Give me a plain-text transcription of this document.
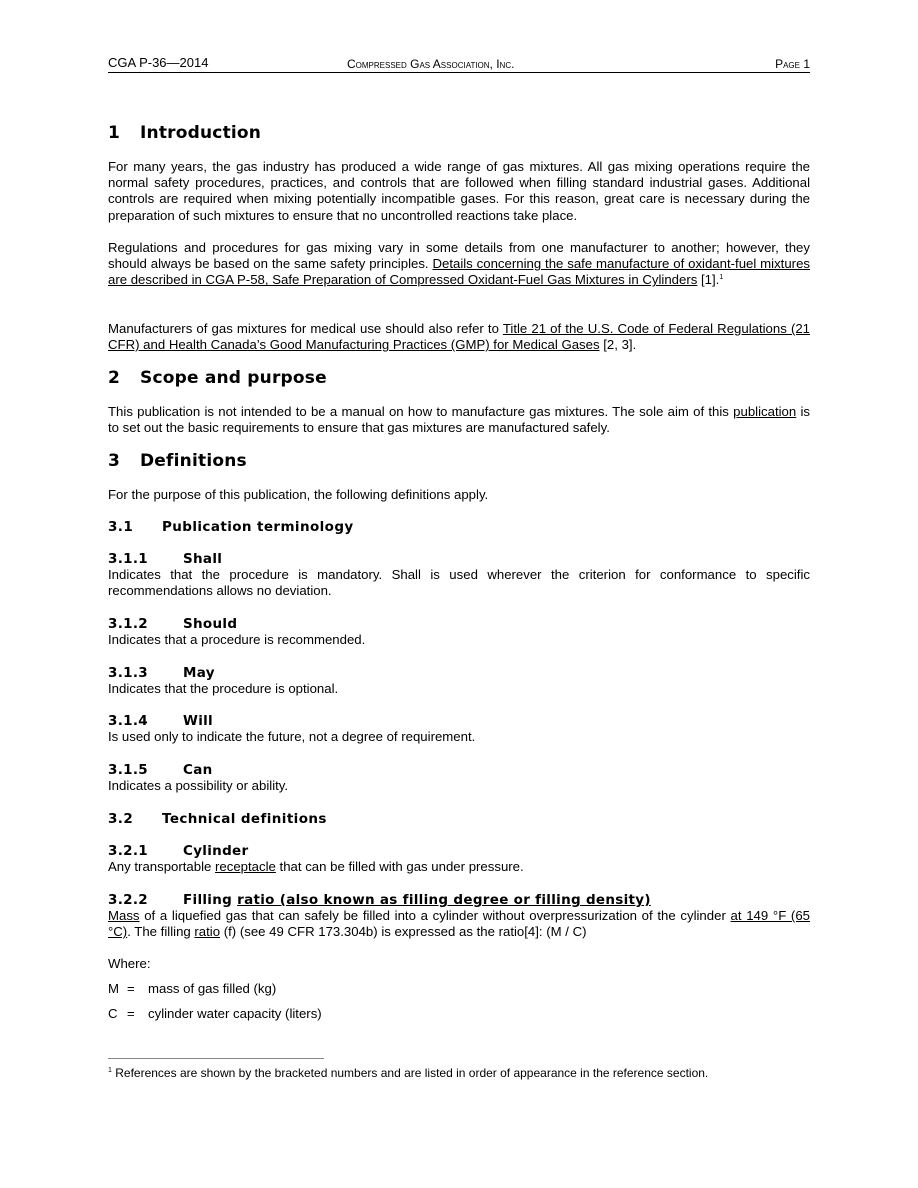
CGA P-36—2014	Compressed Gas Association, Inc.	Page 1
1 Introduction

For many years, the gas industry has produced a wide range of gas mixtures. All gas mixing operations require the normal safety procedures, practices, and controls that are followed when filling standard industrial gases. Additional controls are required when mixing potentially incompatible gases. For this reason, great care is necessary during the preparation of such mixtures to ensure that no uncontrolled reactions take place.

Regulations and procedures for gas mixing vary in some details from one manufacturer to another; however, they should always be based on the same safety principles. Details concerning the safe manufacture of oxidant-fuel mixtures are described in CGA P-58, Safe Preparation of Compressed Oxidant-Fuel Gas Mixtures in Cylinders [1].$^1$

Manufacturers of gas mixtures for medical use should also refer to Title 21 of the U.S. Code of Federal Regulations (21 CFR) and Health Canada’s Good Manufacturing Practices (GMP) for Medical Gases [2, 3].

2 Scope and purpose

This publication is not intended to be a manual on how to manufacture gas mixtures. The sole aim of this publication is to set out the basic requirements to ensure that gas mixtures are manufactured safely.

3 Definitions

For the purpose of this publication, the following definitions apply.

3.1 Publication terminology
3.1.1	Shall

Indicates that the procedure is mandatory. Shall is used wherever the criterion for conformance to specific recommendations allows no deviation.

3.1.2	Should

Indicates that a procedure is recommended.

3.1.3	May

Indicates that the procedure is optional.

3.1.4	Will

Is used only to indicate the future, not a degree of requirement.

3.1.5	Can

Indicates a possibility or ability.

3.2 Technical definitions
3.2.1	Cylinder

Any transportable receptacle that can be filled with gas under pressure.

3.2.2	Filling ratio (also known as filling degree or filling density)

Mass of a liquefied gas that can safely be filled into a cylinder without overpressurization of the cylinder at 149 °F (65 °C). The filling ratio (f) (see 49 CFR 173.304b) is expressed as the ratio[4]: (M / C)

Where:

M = mass of gas filled (kg)
C = cylinder water capacity (liters)
$^1$ References are shown by the bracketed numbers and are listed in order of appearance in the reference section.
